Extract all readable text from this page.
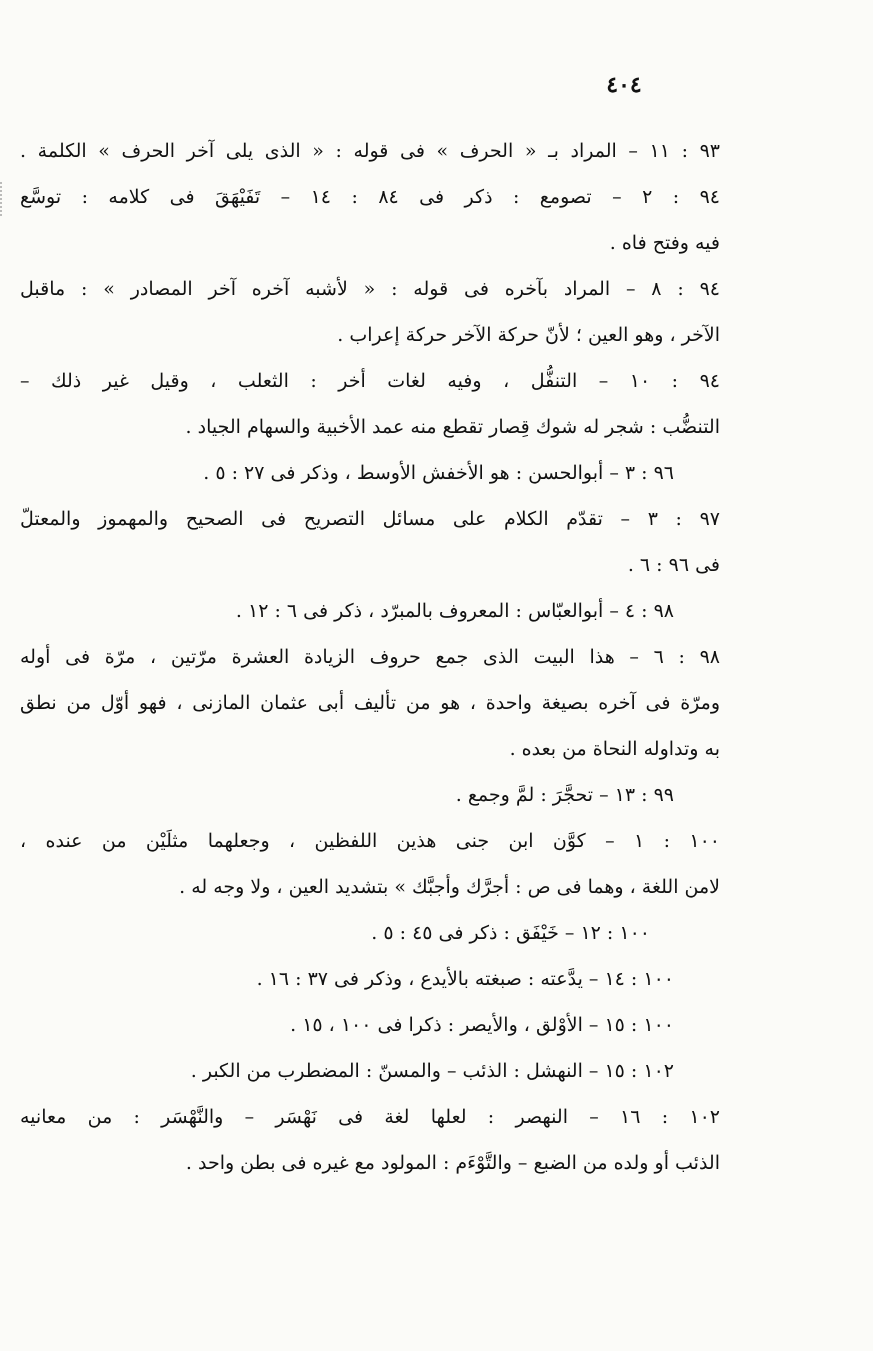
٤٠٤
٩٣ : ١١ – المراد بـ « الحرف » فى قوله : « الذى يلى آخر الحرف » الكلمة .
٩٤ : ٢ – تصومع : ذكر فى ٨٤ : ١٤ – تَفَيْهَقَ فى كلامه : توسَّع
فيه وفتح فاه .
٩٤ : ٨ – المراد بآخره فى قوله : « لأشبه آخره آخر المصادر » : ماقبل
الآخر ، وهو العين ؛ لأنّ حركة الآخر حركة إعراب .
٩٤ : ١٠ – التنفُّل ، وفيه لغات أخر : الثعلب ، وقيل غير ذلك –
التنضُّب : شجر له شوك قِصار تقطع منه عمد الأخبية والسهام الجياد .
٩٦ : ٣ – أبوالحسن : هو الأخفش الأوسط ، وذكر فى ٢٧ : ٥ .
٩٧ : ٣ – تقدّم الكلام على مسائل التصريح فى الصحيح والمهموز والمعتلّ
فى ٩٦ : ٦ .
٩٨ : ٤ – أبوالعبّاس : المعروف بالمبرّد ، ذكر فى ٦ : ١٢ .
٩٨ : ٦ – هذا البيت الذى جمع حروف الزيادة العشرة مرّتين ، مرّة فى أوله
ومرّة فى آخره بصيغة واحدة ، هو من تأليف أبى عثمان المازنى ، فهو أوّل من نطق
به وتداوله النحاة من بعده .
٩٩ : ١٣ – تحجَّرَ : لمَّ وجمع .
١٠٠ : ١ – كوَّن ابن جنى هذين اللفظين ، وجعلهما مثلَيْن من عنده ،
لامن اللغة ، وهما فى ص : أجرَّك وأجبَّك » بتشديد العين ، ولا وجه له .
١٠٠ : ١٢ – خَيْفَق : ذكر فى ٤٥ : ٥ .
١٠٠ : ١٤ – يدَّعته : صبغته بالأيدع ، وذكر فى ٣٧ : ١٦ .
١٠٠ : ١٥ – الأوْلق ، والأيصر : ذكرا فى ١٠٠ ، ١٥ .
١٠٢ : ١٥ – النهشل : الذئب – والمسنّ : المضطرب من الكبر .
١٠٢ : ١٦ – النهصر : لعلها لغة فى نَهْسَر – والنَّهْسَر : من معانيه
الذئب أو ولده من الضبع – والتَّوْءَم : المولود مع غيره فى بطن واحد .
